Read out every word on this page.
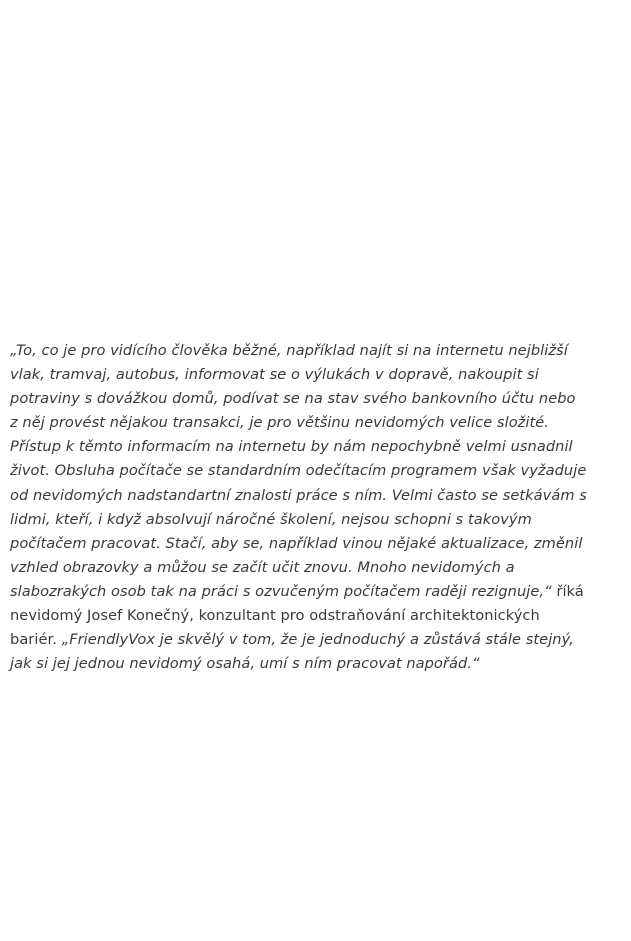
„To, co je pro vidícího člověka běžné, například najít si na internetu nejbližší
vlak, tramvaj, autobus, informovat se o výlukách v dopravě, nakoupit si
potraviny s dovážkou domů, podívat se na stav svého bankovního účtu nebo
z něj provést nějakou transakci, je pro většinu nevidomých velice složité.
Přístup k těmto informacím na internetu by nám nepochybně velmi usnadnil
život. Obsluha počítače se standardním odečítacím programem však vyžaduje
od nevidomých nadstandartní znalosti práce s ním. Velmi často se setkávám s
lidmi, kteří, i když absolvují náročné školení, nejsou schopni s takovým
počítačem pracovat. Stačí, aby se, například vinou nějaké aktualizace, změnil
vzhled obrazovky a můžou se začít učit znovu. Mnoho nevidomých a
slabozrakých osob tak na práci s ozvučeným počítačem raději rezignuje,“ říká
nevidomý Josef Konečný, konzultant pro odstraňování architektonických
bariér. „FriendlyVox je skvělý v tom, že je jednoduchý a zůstává stále stejný,
jak si jej jednou nevidomý osahá, umí s ním pracovat napořád.“
